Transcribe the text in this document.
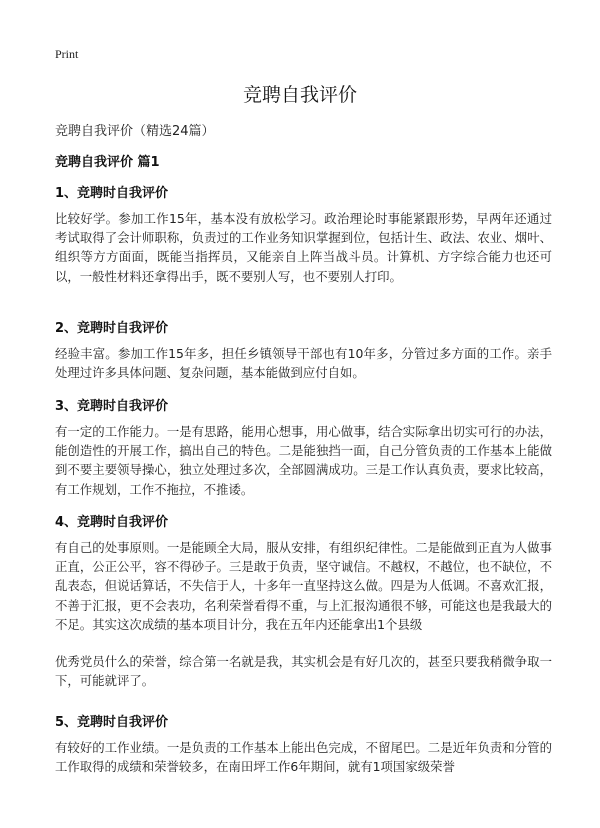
Print
竞聘自我评价
竞聘自我评价（精选24篇）
竞聘自我评价 篇1
1、竞聘时自我评价
比较好学。参加工作15年，基本没有放松学习。政治理论时事能紧跟形势，早两年还通过考试取得了会计师职称，负责过的工作业务知识掌握到位，包括计生、政法、农业、烟叶、组织等方方面面，既能当指挥员，又能亲自上阵当战斗员。计算机、方字综合能力也还可以，一般性材料还拿得出手，既不要别人写，也不要别人打印。
2、竞聘时自我评价
经验丰富。参加工作15年多，担任乡镇领导干部也有10年多，分管过多方面的工作。亲手处理过许多具体问题、复杂问题，基本能做到应付自如。
3、竞聘时自我评价
有一定的工作能力。一是有思路，能用心想事，用心做事，结合实际拿出切实可行的办法，能创造性的开展工作，搞出自己的特色。二是能独挡一面，自己分管负责的工作基本上能做到不要主要领导操心，独立处理过多次，全部圆满成功。三是工作认真负责，要求比较高，有工作规划，工作不拖拉，不推诿。
4、竞聘时自我评价
有自己的处事原则。一是能顾全大局，服从安排，有组织纪律性。二是能做到正直为人做事正直，公正公平，容不得砂子。三是敢于负责，坚守诚信。不越权，不越位，也不缺位，不乱表态，但说话算话，不失信于人，十多年一直坚持这么做。四是为人低调。不喜欢汇报，不善于汇报，更不会表功，名利荣誉看得不重，与上汇报沟通很不够，可能这也是我最大的不足。其实这次成绩的基本项目计分，我在五年内还能拿出1个县级
优秀党员什么的荣誉，综合第一名就是我，其实机会是有好几次的，甚至只要我稍微争取一下，可能就评了。
5、竞聘时自我评价
有较好的工作业绩。一是负责的工作基本上能出色完成，不留尾巴。二是近年负责和分管的工作取得的成绩和荣誉较多，在南田坪工作6年期间，就有1项国家级荣誉
